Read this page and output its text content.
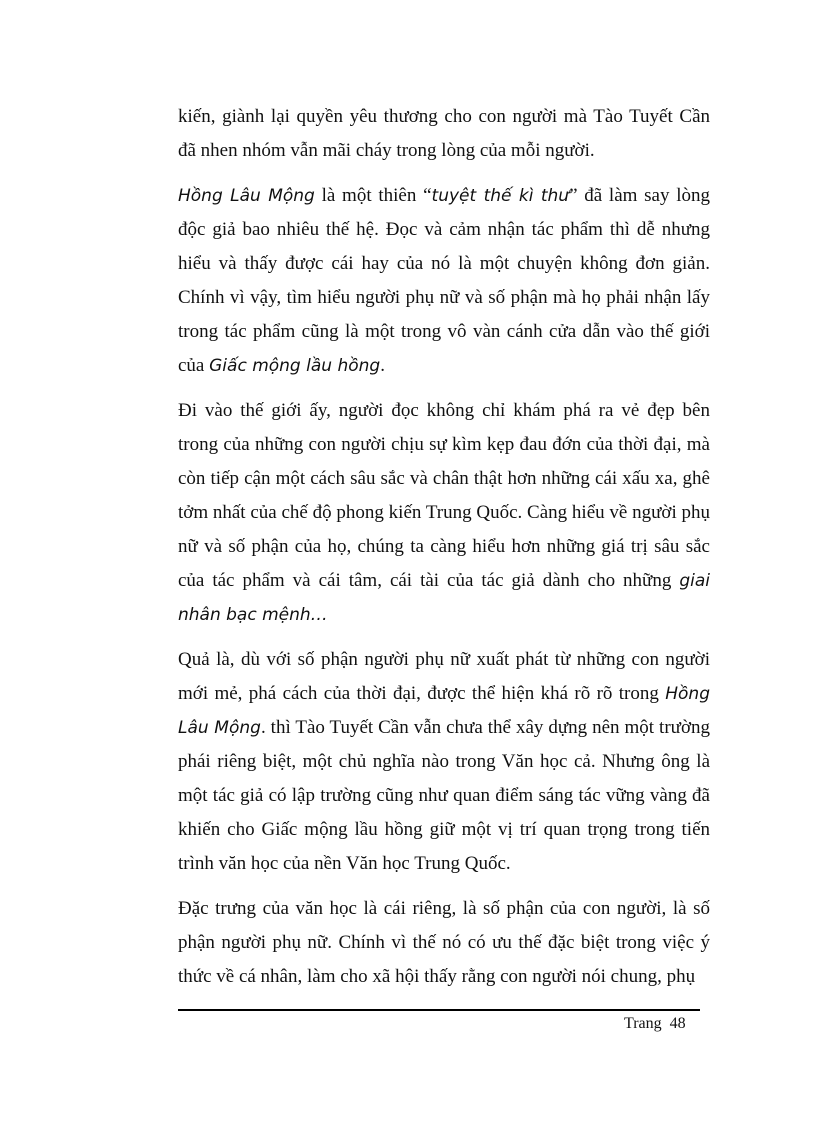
kiến, giành lại quyền yêu thương cho con người mà Tào Tuyết Cần đã nhen nhóm vẫn mãi cháy trong lòng của mỗi người.

Hồng Lâu Mộng là một thiên “tuyệt thế kì thư” đã làm say lòng độc giả bao nhiêu thế hệ. Đọc và cảm nhận tác phẩm thì dễ nhưng hiểu và thấy được cái hay của nó là một chuyện không đơn giản. Chính vì vậy, tìm hiểu người phụ nữ và số phận mà họ phải nhận lấy trong tác phẩm cũng là một trong vô vàn cánh cửa dẫn vào thế giới của Giấc mộng lầu hồng.

Đi vào thế giới ấy, người đọc không chỉ khám phá ra vẻ đẹp bên trong của những con người chịu sự kìm kẹp đau đớn của thời đại, mà còn tiếp cận một cách sâu sắc và chân thật hơn những cái xấu xa, ghê tởm nhất của chế độ phong kiến Trung Quốc. Càng hiểu về người phụ nữ và số phận của họ, chúng ta càng hiểu hơn những giá trị sâu sắc của tác phẩm và cái tâm, cái tài của tác giả dành cho những giai nhân bạc mệnh…

Quả là, dù với số phận người phụ nữ xuất phát từ những con người mới mẻ, phá cách của thời đại, được thể hiện khá rõ rõ trong Hồng Lâu Mộng. thì Tào Tuyết Cần vẫn chưa thể xây dựng nên một trường phái riêng biệt, một chủ nghĩa nào trong Văn học cả. Nhưng ông là một tác giả có lập trường cũng như quan điểm sáng tác vững vàng đã khiến cho Giấc mộng lầu hồng giữ một vị trí quan trọng trong tiến trình văn học của nền Văn học Trung Quốc.

Đặc trưng của văn học là cái riêng, là số phận của con người, là số phận người phụ nữ. Chính vì thế nó có ưu thế đặc biệt trong việc ý thức về cá nhân, làm cho xã hội thấy rằng con người nói chung, phụ

Trang 48
